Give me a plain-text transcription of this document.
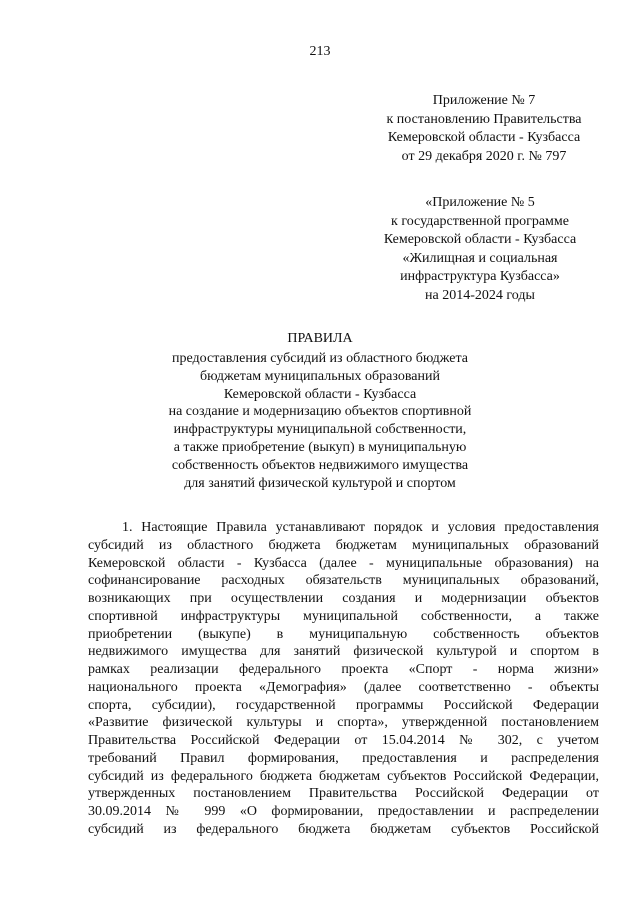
213
Приложение № 7
к постановлению Правительства
Кемеровской области - Кузбасса
от 29 декабря 2020 г. № 797
«Приложение № 5
к государственной программе
Кемеровской области - Кузбасса
«Жилищная и социальная
инфраструктура Кузбасса»
на 2014-2024 годы
ПРАВИЛА
предоставления субсидий из областного бюджета
бюджетам муниципальных образований
Кемеровской области - Кузбасса
на создание и модернизацию объектов спортивной
инфраструктуры муниципальной собственности,
а также приобретение (выкуп) в муниципальную
собственность объектов недвижимого имущества
для занятий физической культурой и спортом
1. Настоящие Правила устанавливают порядок и условия предоставления
субсидий из областного бюджета бюджетам муниципальных образований
Кемеровской области - Кузбасса (далее - муниципальные образования) на
софинансирование расходных обязательств муниципальных образований,
возникающих при осуществлении создания и модернизации объектов
спортивной инфраструктуры муниципальной собственности, а также
приобретении (выкупе) в муниципальную собственность объектов
недвижимого имущества для занятий физической культурой и спортом в
рамках реализации федерального проекта «Спорт - норма жизни»
национального проекта «Демография» (далее соответственно - объекты
спорта, субсидии), государственной программы Российской Федерации
«Развитие физической культуры и спорта», утвержденной постановлением
Правительства Российской Федерации от 15.04.2014 № 302, с учетом
требований Правил формирования, предоставления и распределения
субсидий из федерального бюджета бюджетам субъектов Российской Федерации,
утвержденных постановлением Правительства Российской Федерации от
30.09.2014 № 999 «О формировании, предоставлении и распределении
субсидий из федерального бюджета бюджетам субъектов Российской
